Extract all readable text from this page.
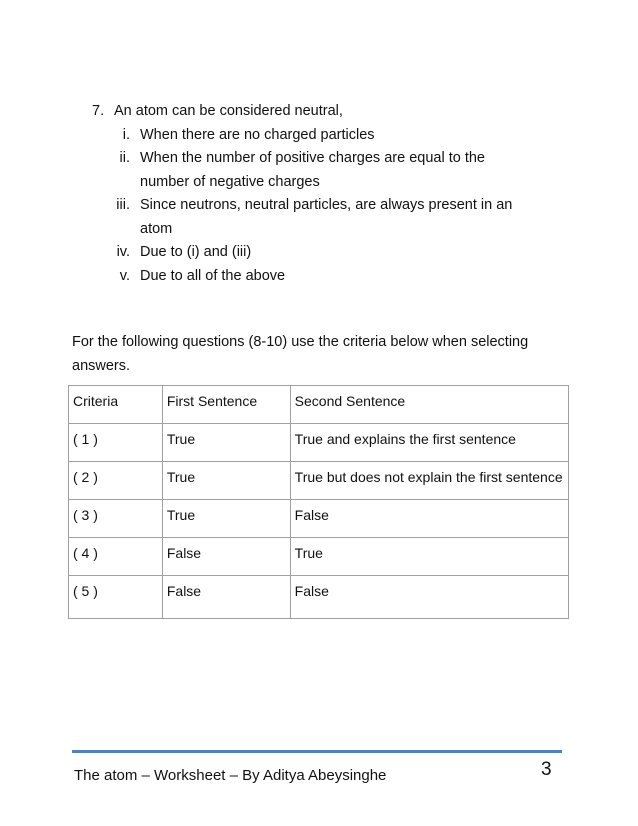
7. An atom can be considered neutral,
i. When there are no charged particles
ii. When the number of positive charges are equal to the number of negative charges
iii. Since neutrons, neutral particles, are always present in an atom
iv. Due to (i) and (iii)
v. Due to all of the above
For the following questions (8-10) use the criteria below when selecting answers.
Criteria	First Sentence	Second Sentence
( 1 )	True	True and explains the first sentence
( 2 )	True	True but does not explain the first sentence
( 3 )	True	False
( 4 )	False	True
( 5 )	False	False
The atom – Worksheet – By Aditya Abeysinghe	3
